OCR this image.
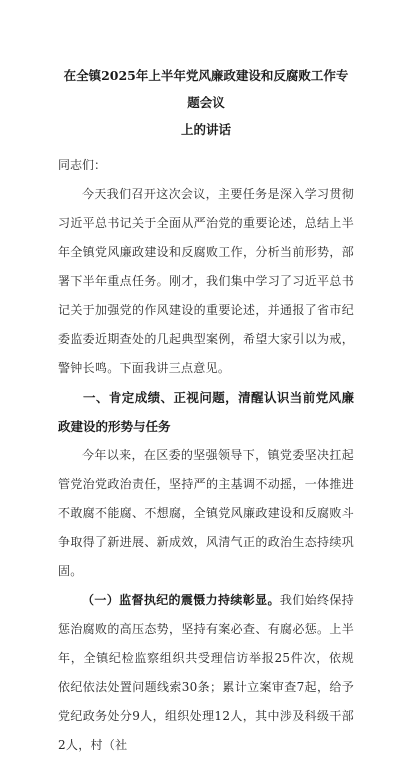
在全镇2025年上半年党风廉政建设和反腐败工作专题会议
上的讲话

同志们：

今天我们召开这次会议，主要任务是深入学习贯彻习近平总书记关于全面从严治党的重要论述，总结上半年全镇党风廉政建设和反腐败工作，分析当前形势，部署下半年重点任务。刚才，我们集中学习了习近平总书记关于加强党的作风建设的重要论述，并通报了省市纪委监委近期查处的几起典型案例，希望大家引以为戒，警钟长鸣。下面我讲三点意见。

一、肯定成绩、正视问题，清醒认识当前党风廉政建设的形势与任务

今年以来，在区委的坚强领导下，镇党委坚决扛起管党治党政治责任，坚持严的主基调不动摇，一体推进不敢腐不能腐、不想腐，全镇党风廉政建设和反腐败斗争取得了新进展、新成效，风清气正的政治生态持续巩固。

（一）监督执纪的震慑力持续彰显。我们始终保持惩治腐败的高压态势，坚持有案必查、有腐必惩。上半年，全镇纪检监察组织共受理信访举报25件次，依规依纪依法处置问题线索30条；累计立案审查7起，给予党纪政务处分9人，组织处理12人，其中涉及科级干部2人，村（社
